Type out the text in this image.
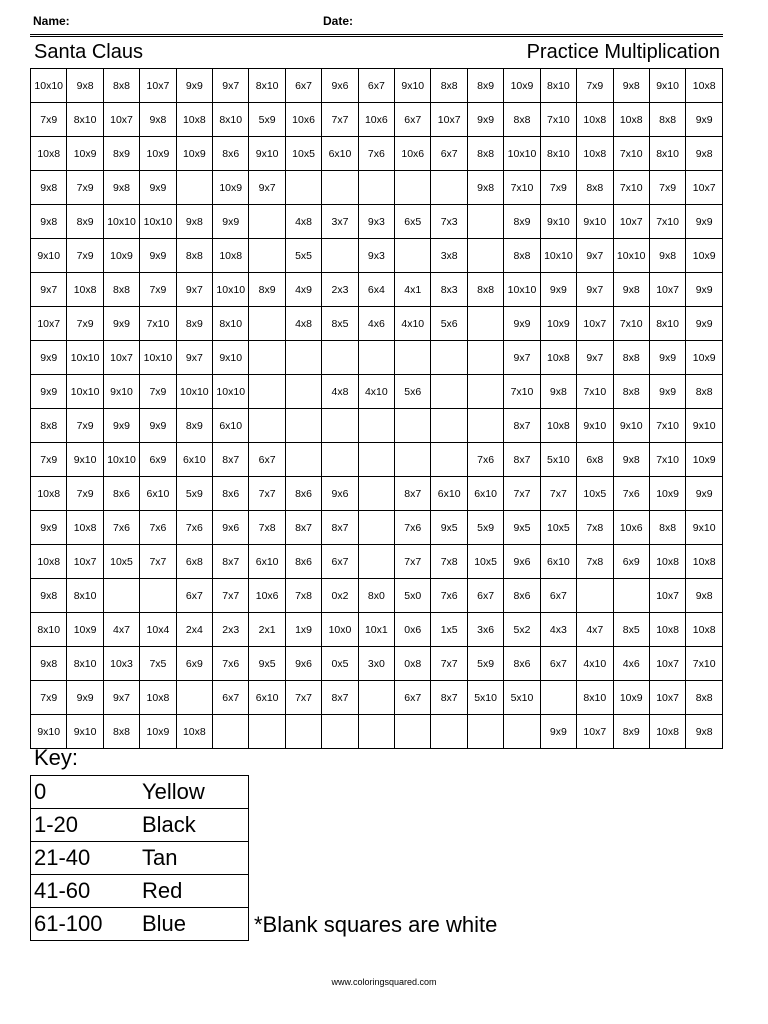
Name:	Date:
Santa Claus	Practice Multiplication
10x10	9x8	8x8	10x7	9x9	9x7	8x10	6x7	9x6	6x7	9x10	8x8	8x9	10x9	8x10	7x9	9x8	9x10	10x8
7x9	8x10	10x7	9x8	10x8	8x10	5x9	10x6	7x7	10x6	6x7	10x7	9x9	8x8	7x10	10x8	10x8	8x8	9x9
10x8	10x9	8x9	10x9	10x9	8x6	9x10	10x5	6x10	7x6	10x6	6x7	8x8	10x10	8x10	10x8	7x10	8x10	9x8
9x8	7x9	9x8	9x9		10x9	9x7						9x8	7x10	7x9	8x8	7x10	7x9	10x7
9x8	8x9	10x10	10x10	9x8	9x9		4x8	3x7	9x3	6x5	7x3		8x9	9x10	9x10	10x7	7x10	9x9
9x10	7x9	10x9	9x9	8x8	10x8		5x5		9x3		3x8		8x8	10x10	9x7	10x10	9x8	10x9
9x7	10x8	8x8	7x9	9x7	10x10	8x9	4x9	2x3	6x4	4x1	8x3	8x8	10x10	9x9	9x7	9x8	10x7	9x9
10x7	7x9	9x9	7x10	8x9	8x10		4x8	8x5	4x6	4x10	5x6		9x9	10x9	10x7	7x10	8x10	9x9
9x9	10x10	10x7	10x10	9x7	9x10								9x7	10x8	9x7	8x8	9x9	10x9
9x9	10x10	9x10	7x9	10x10	10x10			4x8	4x10	5x6			7x10	9x8	7x10	8x8	9x9	8x8
8x8	7x9	9x9	9x9	8x9	6x10								8x7	10x8	9x10	9x10	7x10	9x10
7x9	9x10	10x10	6x9	6x10	8x7	6x7						7x6	8x7	5x10	6x8	9x8	7x10	10x9
10x8	7x9	8x6	6x10	5x9	8x6	7x7	8x6	9x6		8x7	6x10	6x10	7x7	7x7	10x5	7x6	10x9	9x9
9x9	10x8	7x6	7x6	7x6	9x6	7x8	8x7	8x7		7x6	9x5	5x9	9x5	10x5	7x8	10x6	8x8	9x10
10x8	10x7	10x5	7x7	6x8	8x7	6x10	8x6	6x7		7x7	7x8	10x5	9x6	6x10	7x8	6x9	10x8	10x8
9x8	8x10			6x7	7x7	10x6	7x8	0x2	8x0	5x0	7x6	6x7	8x6	6x7			10x7	9x8
8x10	10x9	4x7	10x4	2x4	2x3	2x1	1x9	10x0	10x1	0x6	1x5	3x6	5x2	4x3	4x7	8x5	10x8	10x8
9x8	8x10	10x3	7x5	6x9	7x6	9x5	9x6	0x5	3x0	0x8	7x7	5x9	8x6	6x7	4x10	4x6	10x7	7x10
7x9	9x9	9x7	10x8		6x7	6x10	7x7	8x7		6x7	8x7	5x10	5x10		8x10	10x9	10x7	8x8
9x10	9x10	8x8	10x9	10x8										9x9	10x7	8x9	10x8	9x8
Key:
0	Yellow
1-20	Black
21-40	Tan
41-60	Red
61-100	Blue	*Blank squares are white
www.coloringsquared.com
